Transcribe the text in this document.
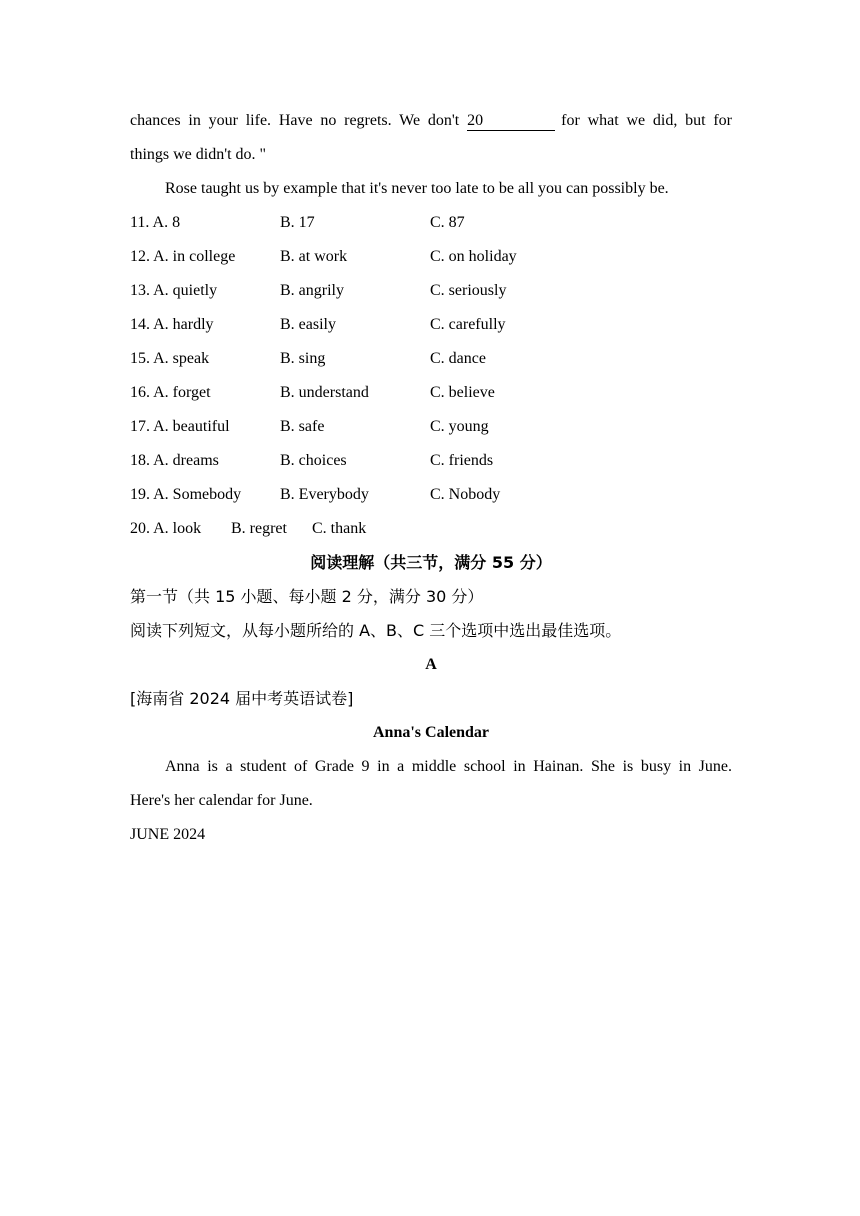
chances in your life. Have no regrets. We don't 20	for what we did, but for
things we didn't do. "
Rose taught us by example that it's never too late to be all you can possibly be.
11. A. 8	B. 17	C. 87
12. A. in college	B. at work	C. on holiday
13. A. quietly	B. angrily	C. seriously
14. A. hardly	B. easily	C. carefully
15. A. speak	B. sing	C. dance
16. A. forget	B. understand	C. believe
17. A. beautiful	B. safe	C. young
18. A. dreams	B. choices	C. friends
19. A. Somebody B. Everybody	C. Nobody
20. A. look B. regret C. thank
阅读理解（共三节，满分 55 分）
第一节（共 15 小题、每小题 2 分，满分 30 分）
阅读下列短文，从每小题所给的 A、B、C 三个选项中选出最佳选项。
A
[海南省 2024 届中考英语试卷]
Anna's Calendar
Anna is a student of Grade 9 in a middle school in Hainan. She is busy in June.
Here's her calendar for June.
JUNE 2024
